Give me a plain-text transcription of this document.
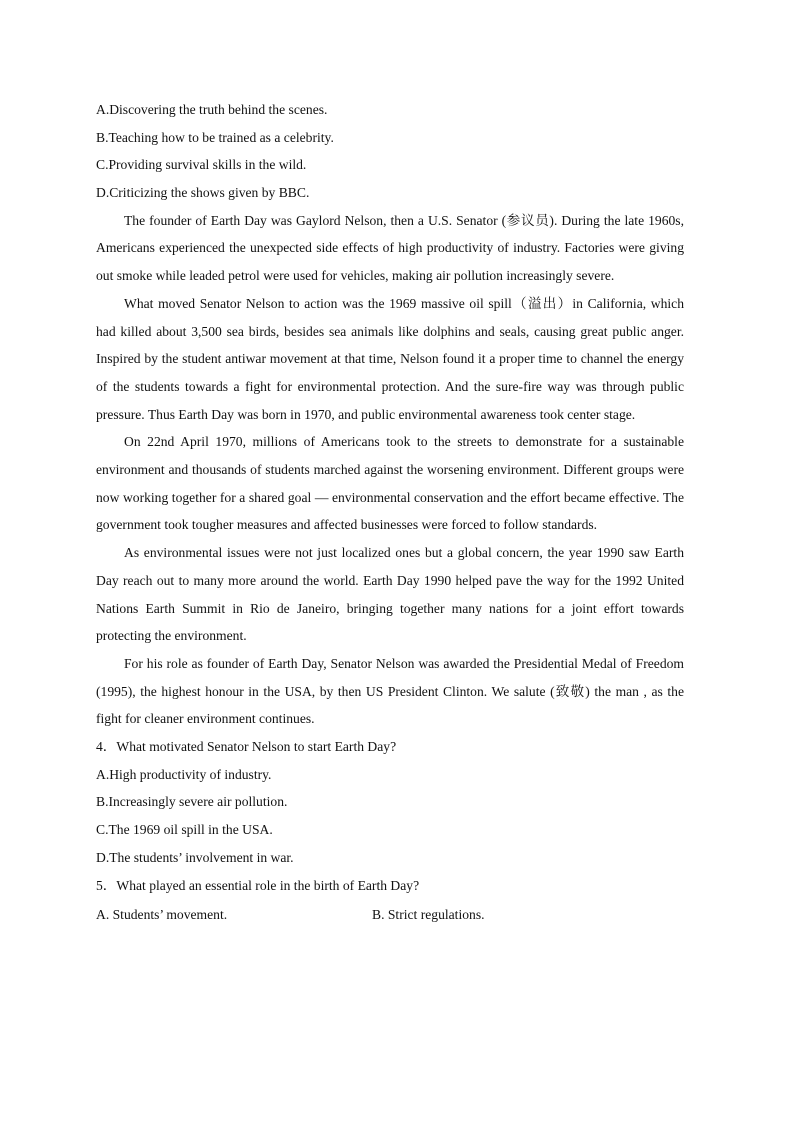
A.Discovering the truth behind the scenes.

B.Teaching how to be trained as a celebrity.

C.Providing survival skills in the wild.

D.Criticizing the shows given by BBC.

The founder of Earth Day was Gaylord Nelson, then a U.S. Senator (参议员). During the late 1960s, Americans experienced the unexpected side effects of high productivity of industry. Factories were giving out smoke while leaded petrol were used for vehicles, making air pollution increasingly severe.

What moved Senator Nelson to action was the 1969 massive oil spill（溢出）in California, which had killed about 3,500 sea birds, besides sea animals like dolphins and seals, causing great public anger. Inspired by the student antiwar movement at that time, Nelson found it a proper time to channel the energy of the students towards a fight for environmental protection. And the sure-fire way was through public pressure. Thus Earth Day was born in 1970, and public environmental awareness took center stage.

On 22nd April 1970, millions of Americans took to the streets to demonstrate for a sustainable environment and thousands of students marched against the worsening environment. Different groups were now working together for a shared goal — environmental conservation and the effort became effective. The government took tougher measures and affected businesses were forced to follow standards.

As environmental issues were not just localized ones but a global concern, the year 1990 saw Earth Day reach out to many more around the world. Earth Day 1990 helped pave the way for the 1992 United Nations Earth Summit in Rio de Janeiro, bringing together many nations for a joint effort towards protecting the environment.

For his role as founder of Earth Day, Senator Nelson was awarded the Presidential Medal of Freedom (1995), the highest honour in the USA, by then US President Clinton. We salute (致敬) the man , as the fight for cleaner environment continues.

4．What motivated Senator Nelson to start Earth Day?

A.High productivity of industry.

B.Increasingly severe air pollution.

C.The 1969 oil spill in the USA.

D.The students’ involvement in war.

5．What played an essential role in the birth of Earth Day?

A. Students’ movement.	B. Strict regulations.
